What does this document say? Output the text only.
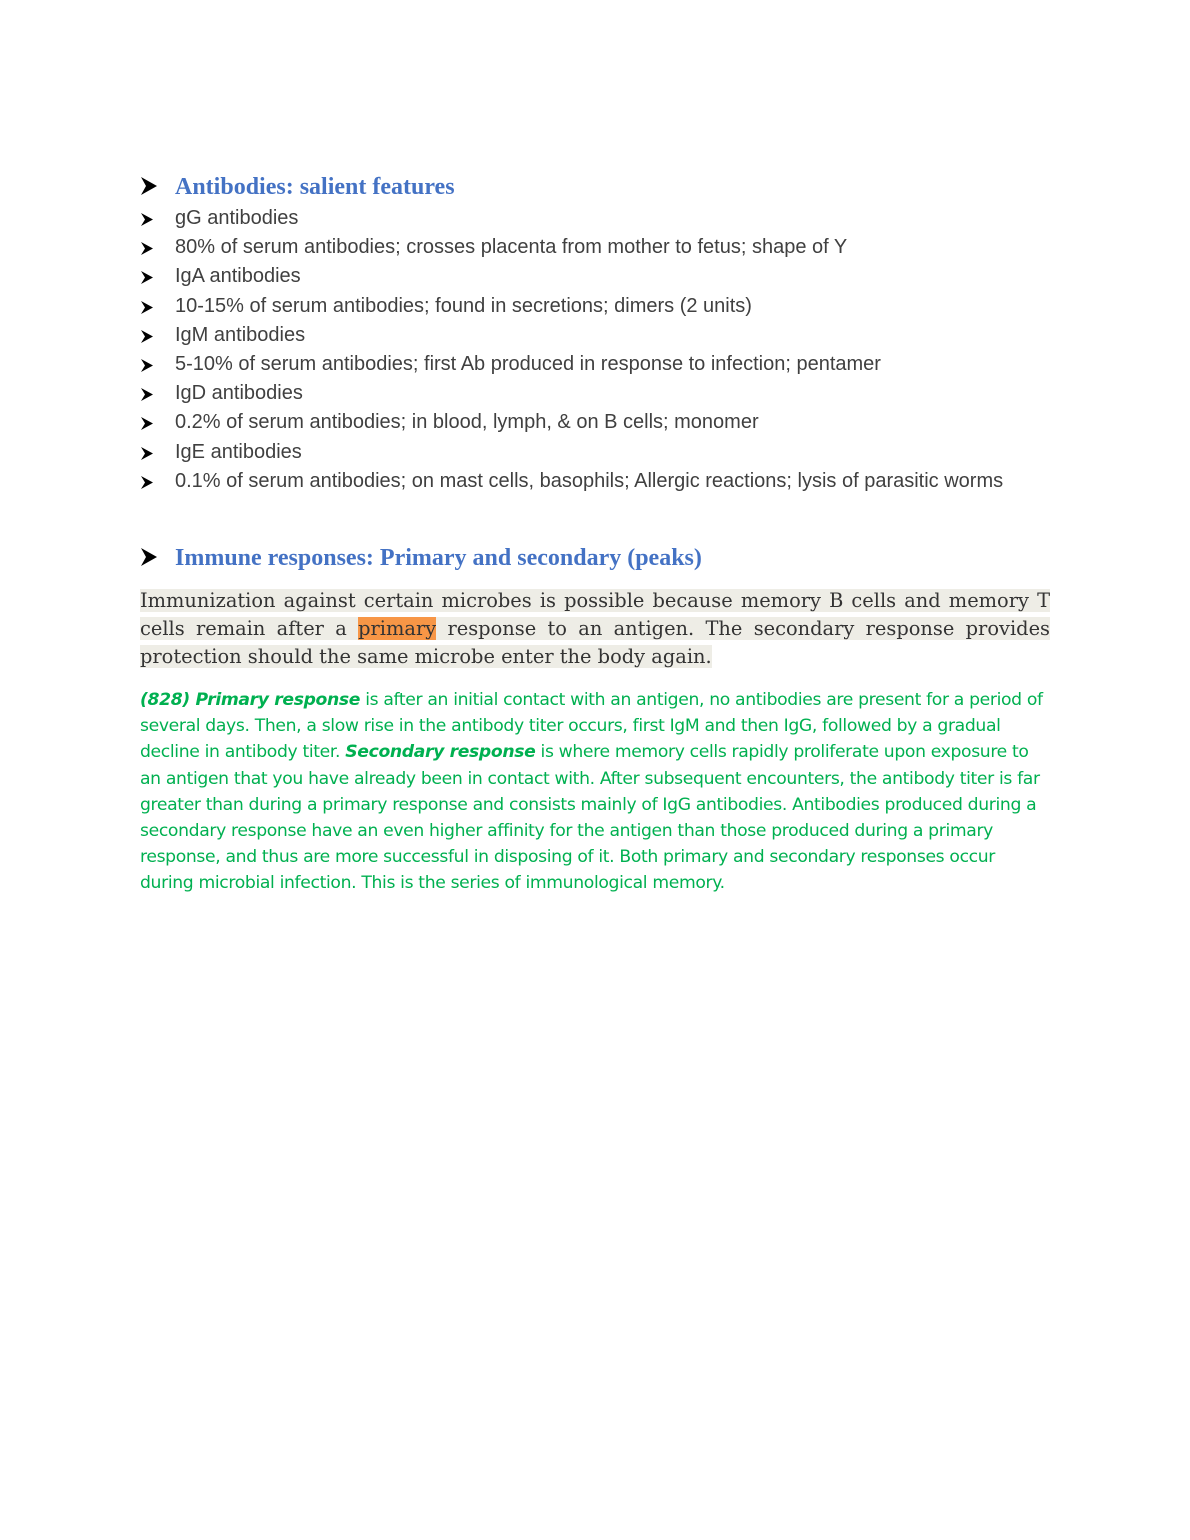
Antibodies: salient features
gG antibodies
80% of serum antibodies; crosses placenta from mother to fetus; shape of Y
IgA antibodies
10-15% of serum antibodies; found in secretions; dimers (2 units)
IgM antibodies
5-10% of serum antibodies; first Ab produced in response to infection; pentamer
IgD antibodies
0.2% of serum antibodies; in blood, lymph, & on B cells; monomer
IgE antibodies
0.1% of serum antibodies; on mast cells, basophils; Allergic reactions; lysis of parasitic worms
Immune responses: Primary and secondary (peaks)

Immunization against certain microbes is possible because memory B cells and memory T cells remain after a primary response to an antigen. The secondary response provides protection should the same microbe enter the body again.

(828) Primary response is after an initial contact with an antigen, no antibodies are present for a period of several days. Then, a slow rise in the antibody titer occurs, first IgM and then IgG, followed by a gradual decline in antibody titer. Secondary response is where memory cells rapidly proliferate upon exposure to an antigen that you have already been in contact with. After subsequent encounters, the antibody titer is far greater than during a primary response and consists mainly of IgG antibodies. Antibodies produced during a secondary response have an even higher affinity for the antigen than those produced during a primary response, and thus are more successful in disposing of it. Both primary and secondary responses occur during microbial infection. This is the series of immunological memory.
